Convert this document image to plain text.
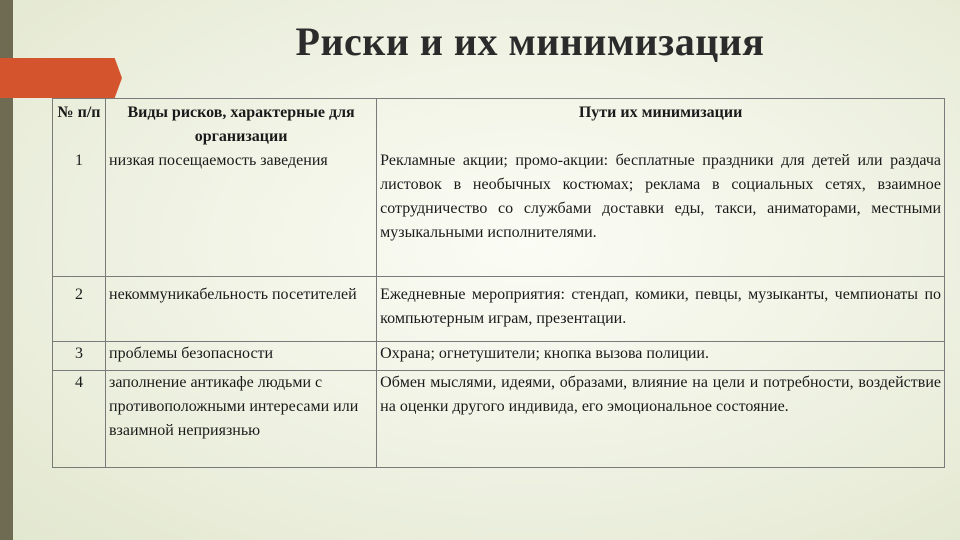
Риски и их минимизация
№ п/п	Виды рисков, характерные для организации	Пути их минимизации
1	низкая посещаемость заведения	Рекламные акции; промо-акции: бесплатные праздники для детей или раздача листовок в необычных костюмах; реклама в социальных сетях, взаимное сотрудничество со службами доставки еды, такси, аниматорами, местными музыкальными исполнителями.
2	некоммуникабельность посетителей	Ежедневные мероприятия: стендап, комики, певцы, музыканты, чемпионаты по компьютерным играм, презентации.
3	проблемы безопасности	Охрана; огнетушители; кнопка вызова полиции.
4	заполнение антикафе людьми с противоположными интересами или взаимной неприязнью	Обмен мыслями, идеями, образами, влияние на цели и потребности, воздействие на оценки другого индивида, его эмоциональное состояние.
